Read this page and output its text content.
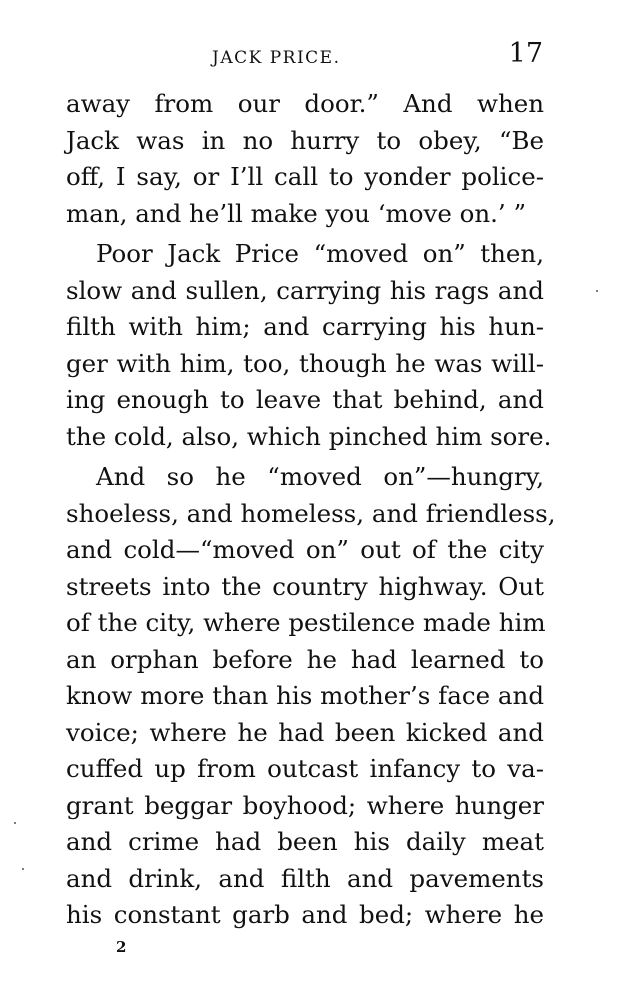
JACK PRICE.	17
away from our door.” And when
Jack was in no hurry to obey, “Be
off, I say, or I’ll call to yonder police-
man, and he’ll make you ‘move on.’ ”
Poor Jack Price “moved on” then,
slow and sullen, carrying his rags and
filth with him; and carrying his hun-
ger with him, too, though he was will-
ing enough to leave that behind, and
the cold, also, which pinched him sore.
And so he “moved on”—hungry,
shoeless, and homeless, and friendless,
and cold—“moved on” out of the city
streets into the country highway. Out
of the city, where pestilence made him
an orphan before he had learned to
know more than his mother’s face and
voice; where he had been kicked and
cuffed up from outcast infancy to va-
grant beggar boyhood; where hunger
and crime had been his daily meat
and drink, and filth and pavements
his constant garb and bed; where he
2
